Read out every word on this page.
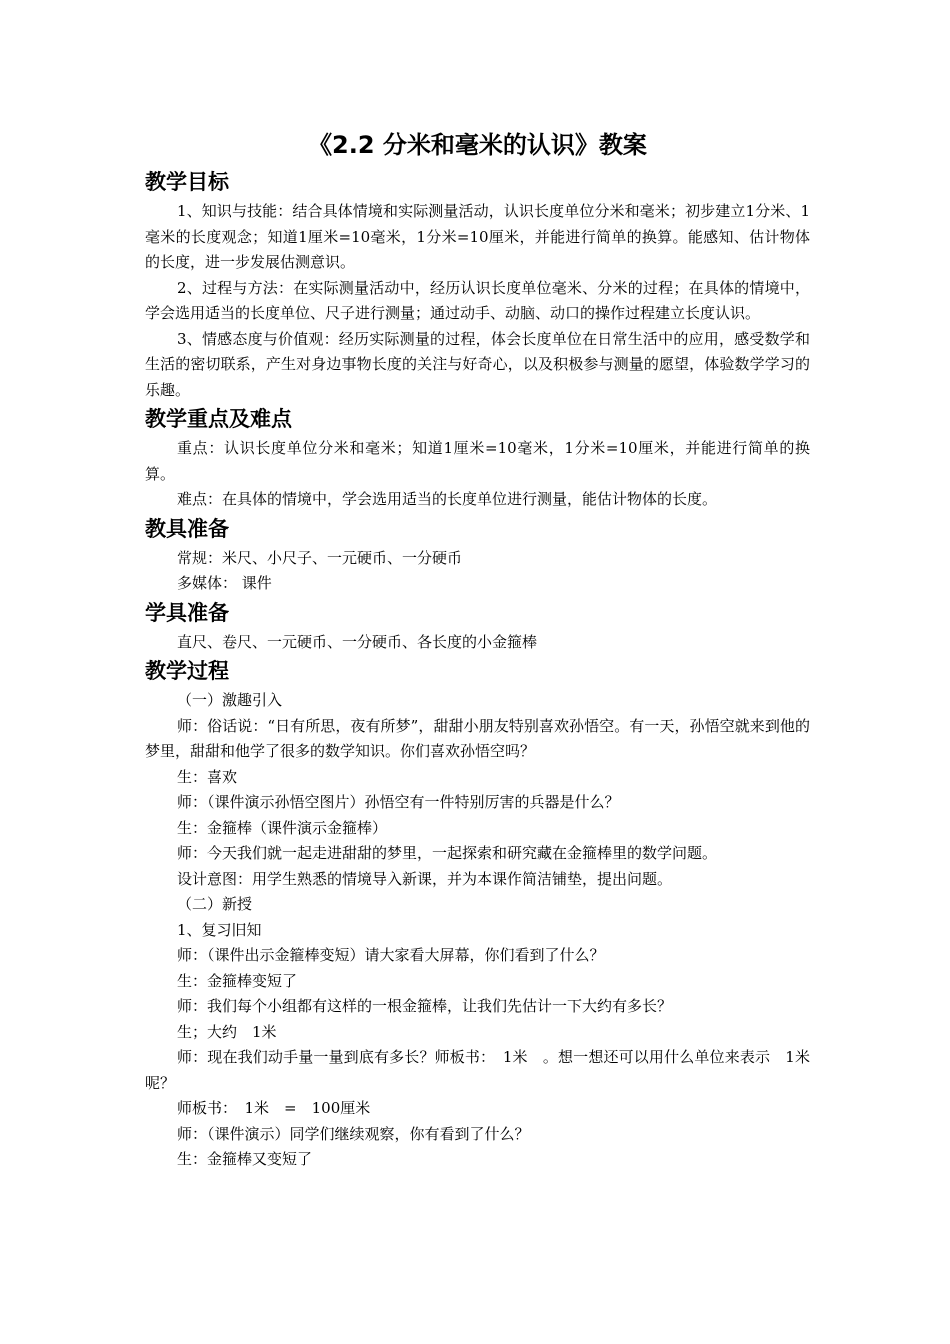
《2.2 分米和毫米的认识》教案
教学目标

1、知识与技能：结合具体情境和实际测量活动，认识长度单位分米和毫米；初步建立1分米、1毫米的长度观念；知道1厘米=10毫米，1分米=10厘米，并能进行简单的换算。能感知、估计物体的长度，进一步发展估测意识。

2、过程与方法：在实际测量活动中，经历认识长度单位毫米、分米的过程；在具体的情境中，学会选用适当的长度单位、尺子进行测量；通过动手、动脑、动口的操作过程建立长度认识。

3、情感态度与价值观：经历实际测量的过程，体会长度单位在日常生活中的应用，感受数学和生活的密切联系，产生对身边事物长度的关注与好奇心，以及积极参与测量的愿望，体验数学学习的乐趣。

教学重点及难点

重点：认识长度单位分米和毫米；知道1厘米=10毫米，1分米=10厘米，并能进行简单的换算。

难点：在具体的情境中，学会选用适当的长度单位进行测量，能估计物体的长度。

教具准备

常规：米尺、小尺子、一元硬币、一分硬币

多媒体： 课件

学具准备

直尺、卷尺、一元硬币、一分硬币、各长度的小金箍棒

教学过程

（一）激趣引入

师：俗话说：“日有所思，夜有所梦”，甜甜小朋友特别喜欢孙悟空。有一天，孙悟空就来到他的梦里，甜甜和他学了很多的数学知识。你们喜欢孙悟空吗？

生：喜欢

师：（课件演示孙悟空图片）孙悟空有一件特别厉害的兵器是什么？

生：金箍棒（课件演示金箍棒）

师：今天我们就一起走进甜甜的梦里，一起探索和研究藏在金箍棒里的数学问题。

设计意图：用学生熟悉的情境导入新课，并为本课作简洁铺垫，提出问题。

（二）新授

1、复习旧知

师：（课件出示金箍棒变短）请大家看大屏幕，你们看到了什么？

生：金箍棒变短了

师：我们每个小组都有这样的一根金箍棒，让我们先估计一下大约有多长？

生；大约　1米

师：现在我们动手量一量到底有多长？师板书：　1米　。想一想还可以用什么单位来表示　1米　呢？

师板书：　1米　=　100厘米

师：（课件演示）同学们继续观察，你有看到了什么？

生：金箍棒又变短了
